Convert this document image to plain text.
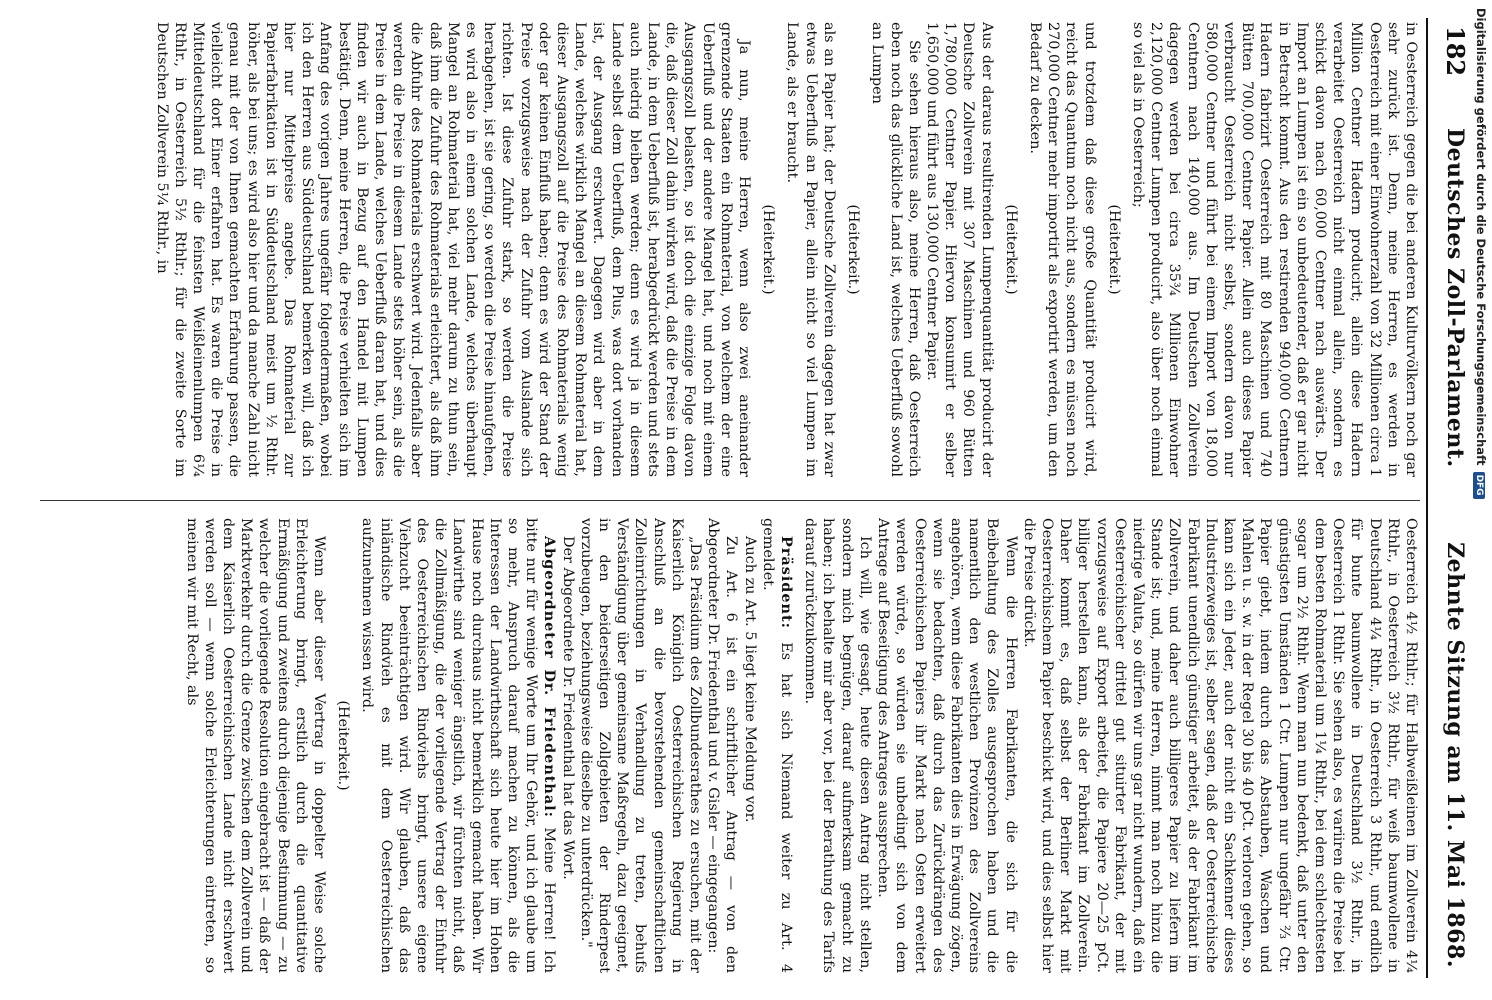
182
Deutsches Zoll-Parlament.
Zehnte Sitzung am 11. Mai 1868.

in Oesterreich gegen die bei anderen Kulturvölkern noch gar sehr zurück ist. Denn, meine Herren, es werden in Oesterreich mit einer Einwohnerzahl von 32 Millionen circa 1 Million Centner Hadern producirt; allein diese Hadern verarbeitet Oesterreich nicht einmal allein, sondern es schickt davon nach 60,000 Centner nach auswärts. Der Import an Lumpen ist ein so unbedeutender, daß er gar nicht in Betracht kommt. Aus den restirenden 940,000 Centnern Hadern fabrizirt Oesterreich mit 80 Maschinen und 740 Bütten 700,000 Centner Papier. Allein auch dieses Papier verbraucht Oesterreich nicht selbst, sondern davon nur 580,000 Centner und führt bei einem Import von 18,000 Centnern nach 140,000 aus. Im Deutschen Zollverein dagegen werden bei circa 35¾ Millionen Einwohner 2,120,000 Centner Lumpen producirt, also über noch einmal so viel als in Oesterreich;

(Heiterkeit.)

und trotzdem daß diese große Quantität producirt wird, reicht das Quantum noch nicht aus, sondern es müssen noch 270,000 Centner mehr importirt als exportirt werden, um den Bedarf zu decken.

(Heiterkeit.)

Aus der daraus resultirenden Lumpenquantität producirt der Deutsche Zollverein mit 307 Maschinen und 960 Bütten 1,780,000 Centner Papier. Hiervon konsumirt er selber 1,650,000 und führt aus 130,000 Centner Papier.

Sie sehen hieraus also, meine Herren, daß Oesterreich eben noch das glückliche Land ist, welches Ueberfluß sowohl an Lumpen

(Heiterkeit.)

als an Papier hat; der Deutsche Zollverein dagegen hat zwar etwas Ueberfluß an Papier, allein nicht so viel Lumpen im Lande, als er braucht.

(Heiterkeit.)

Ja nun, meine Herren, wenn also zwei aneinander grenzende Staaten ein Rohmaterial, von welchem der eine Ueberfluß und der andere Mangel hat, und noch mit einem Ausgangszoll belasten, so ist doch die einzige Folge davon die, daß dieser Zoll dahin wirken wird, daß die Preise in dem Lande, in dem Ueberfluß ist, herabgedrückt werden und stets auch niedrig bleiben werden; denn es wird ja in diesem Lande selbst dem Ueberfluß, dem Plus, was dort vorhanden ist, der Ausgang erschwert. Dagegen wird aber in dem Lande, welches wirklich Mangel an diesem Rohmaterial hat, dieser Ausgangszoll auf die Preise des Rohmaterials wenig oder gar keinen Einfluß haben; denn es wird der Stand der Preise vorzugsweise nach der Zufuhr vom Auslande sich richten. Ist diese Zufuhr stark, so werden die Preise herabgehen, ist sie gering, so werden die Preise hinaufgehen, es wird also in einem solchen Lande, welches überhaupt Mangel an Rohmaterial hat, viel mehr darum zu thun sein, daß ihm die Zufuhr des Rohmaterials erleichtert, als daß ihm die Abfuhr des Rohmaterials erschwert wird. Jedenfalls aber werden die Preise in diesem Lande stets höher sein, als die Preise in dem Lande, welches Ueberfluß daran hat, und dies finden wir auch in Bezug auf den Handel mit Lumpen bestätigt. Denn, meine Herren, die Preise verhielten sich im Anfang des vorigen Jahres ungefähr folgendermaßen, wobei ich den Herren aus Süddeutschland bemerken will, daß ich hier nur Mittelpreise angebe. Das Rohmaterial zur Papierfabrikation ist in Süddeutschland meist um ½ Rthlr. höher, als bei uns; es wird also hier und da manche Zahl nicht genau mit der von Ihnen gemachten Erfahrung passen, die vielleicht dort Einer erfahren hat. Es waren die Preise in Mitteldeutschland für die feinsten Weißleinenlumpen 6¼ Rthlr., in Oesterreich 5½ Rthlr.; für die zweite Sorte im Deutschen Zollverein 5¼ Rthlr., in

Oesterreich 4½ Rthlr.; für Halbweißleinen im Zollverein 4¼ Rthlr., in Oesterreich 3½ Rthlr., für weiß baumwollene in Deutschland 4¼ Rthlr., in Oesterreich 3 Rthlr., und endlich für bunte baumwollene in Deutschland 3½ Rthlr., in Oesterreich 1 Rthlr. Sie sehen also, es variiren die Preise bei dem besten Rohmaterial um 1¼ Rthlr., bei dem schlechtesten sogar um 2½ Rthlr. Wenn man nun bedenkt, daß unter den günstigsten Umständen 1 Ctr. Lumpen nur ungefähr ⅔ Ctr. Papier giebt, indem durch das Abstauben, Waschen und Mahlen u. s. w. in der Regel 30 bis 40 pCt. verloren gehen, so kann sich ein Jeder, auch der nicht ein Sachkenner dieses Industriezweiges ist, selber sagen, daß der Oesterreichische Fabrikant unendlich günstiger arbeitet, als der Fabrikant im Zollverein, und daher auch billigeres Papier zu liefern im Stande ist; und, meine Herren, nimmt man noch hinzu die niedrige Valuta, so dürfen wir uns gar nicht wundern, daß ein Oesterreichischer drittel gut situirter Fabrikant, der mit vorzugsweise auf Export arbeitet, die Papiere 20—25 pCt. billiger herstellen kann, als der Fabrikant im Zollverein. Daher kommt es, daß selbst der Berliner Markt mit Oesterreichischem Papier beschickt wird, und dies selbst hier die Preise drückt.

Wenn die Herren Fabrikanten, die sich für die Beibehaltung des Zolles ausgesprochen haben und die namentlich den westlichen Provinzen des Zollvereins angehören, wenn diese Fabrikanten dies in Erwägung zögen, wenn sie bedachten, daß durch das Zurückdrängen des Oesterreichischen Papiers ihr Markt nach Osten erweitert werden würde, so würden sie unbedingt sich von dem Antrage auf Beseitigung des Antrages aussprechen.

Ich will, wie gesagt, heute diesen Antrag nicht stellen, sondern mich begnügen, darauf aufmerksam gemacht zu haben; ich behalte mir aber vor, bei der Berathung des Tarifs darauf zurückzukommen.

Präsident: Es hat sich Niemand weiter zu Art. 4 gemeldet.

Auch zu Art. 5 liegt keine Meldung vor.

Zu Art. 6 ist ein schriftlicher Antrag — von den Abgeordneter Dr. Friedenthal und v. Gisler — eingegangen:

„Das Präsidium des Zollbundesrathes zu ersuchen, mit der Kaiserlich Königlich Oesterreichischen Regierung in Anschluß an die bevorstehenden gemeinschaftlichen Zolleinrichtungen in Verhandlung zu treten, behufs Verständigung über gemeinsame Maßregeln, dazu geeignet, in den beiderseitigen Zollgebieten der Rinderpest vorzubeugen, beziehungsweise dieselbe zu unterdrücken."

Der Abgeordnete Dr. Friedenthal hat das Wort.

Abgeordneter Dr. Friedenthal: Meine Herren! Ich bitte nur für wenige Worte um Ihr Gehör, und ich glaube um so mehr, Anspruch darauf machen zu können, als die Interessen der Landwirthschaft sich heute hier im Hohen Hause noch durchaus nicht bemerklich gemacht haben. Wir Landwirthe sind weniger ängstlich, wir fürchten nicht, daß die Zollmäßigung, die der vorliegende Vertrag der Einfuhr des Oesterreichischen Rindviehs bringt, unsere eigene Viehzucht beeinträchtigen wird. Wir glauben, daß das inländische Rindvieh es mit dem Oesterreichischen aufzunehmen wissen wird.

(Heiterkeit.)

Wenn aber dieser Vertrag in doppelter Weise solche Erleichterung bringt, erstlich durch die quantitative Ermäßigung und zweitens durch diejenige Bestimmung — zu welcher die vorliegende Resolution eingebracht ist — daß der Marktverkehr durch die Grenze zwischen dem Zollverein und dem Kaiserlich Oesterreichischen Lande nicht erschwert werden soll — wenn solche Erleichterungen eintreten, so meinen wir mit Recht, als

Digitalisierung gefördert durch die Deutsche ForschungsgemeinschaftDFG
